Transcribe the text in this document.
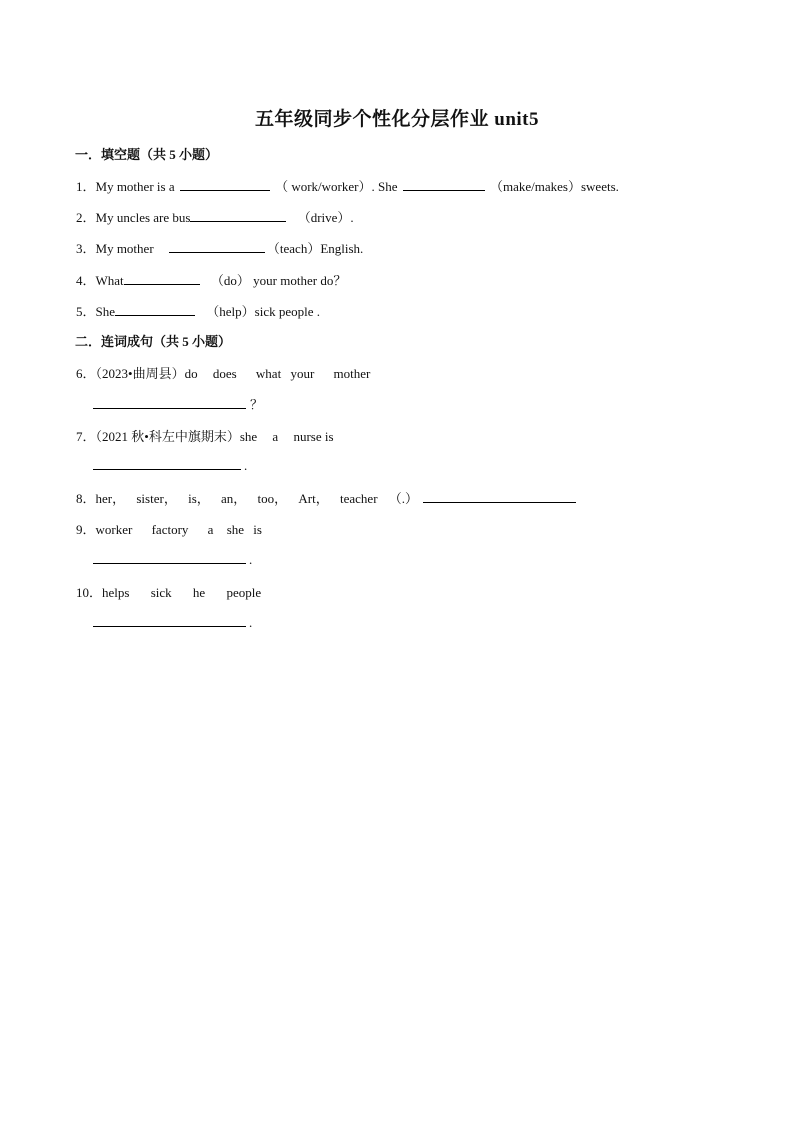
五年级同步个性化分层作业 unit5
一．填空题（共 5 小题）
1．My mother is a	（ work/worker）. She	（make/makes）sweets.
2．My uncles are bus	（drive）.
3．My mother	（teach）English.
4．What	（do） your mother do？
5．She	（help）sick people .
二．连词成句（共 5 小题）
6．（2023•曲周县）do does what your mother
？
7．（2021 秋•科左中旗期末）she a nurse is
.
8．her， sister， is， an， too， Art， teacher （.）
9．worker factory a she is
.
10．helps sick he people
.
